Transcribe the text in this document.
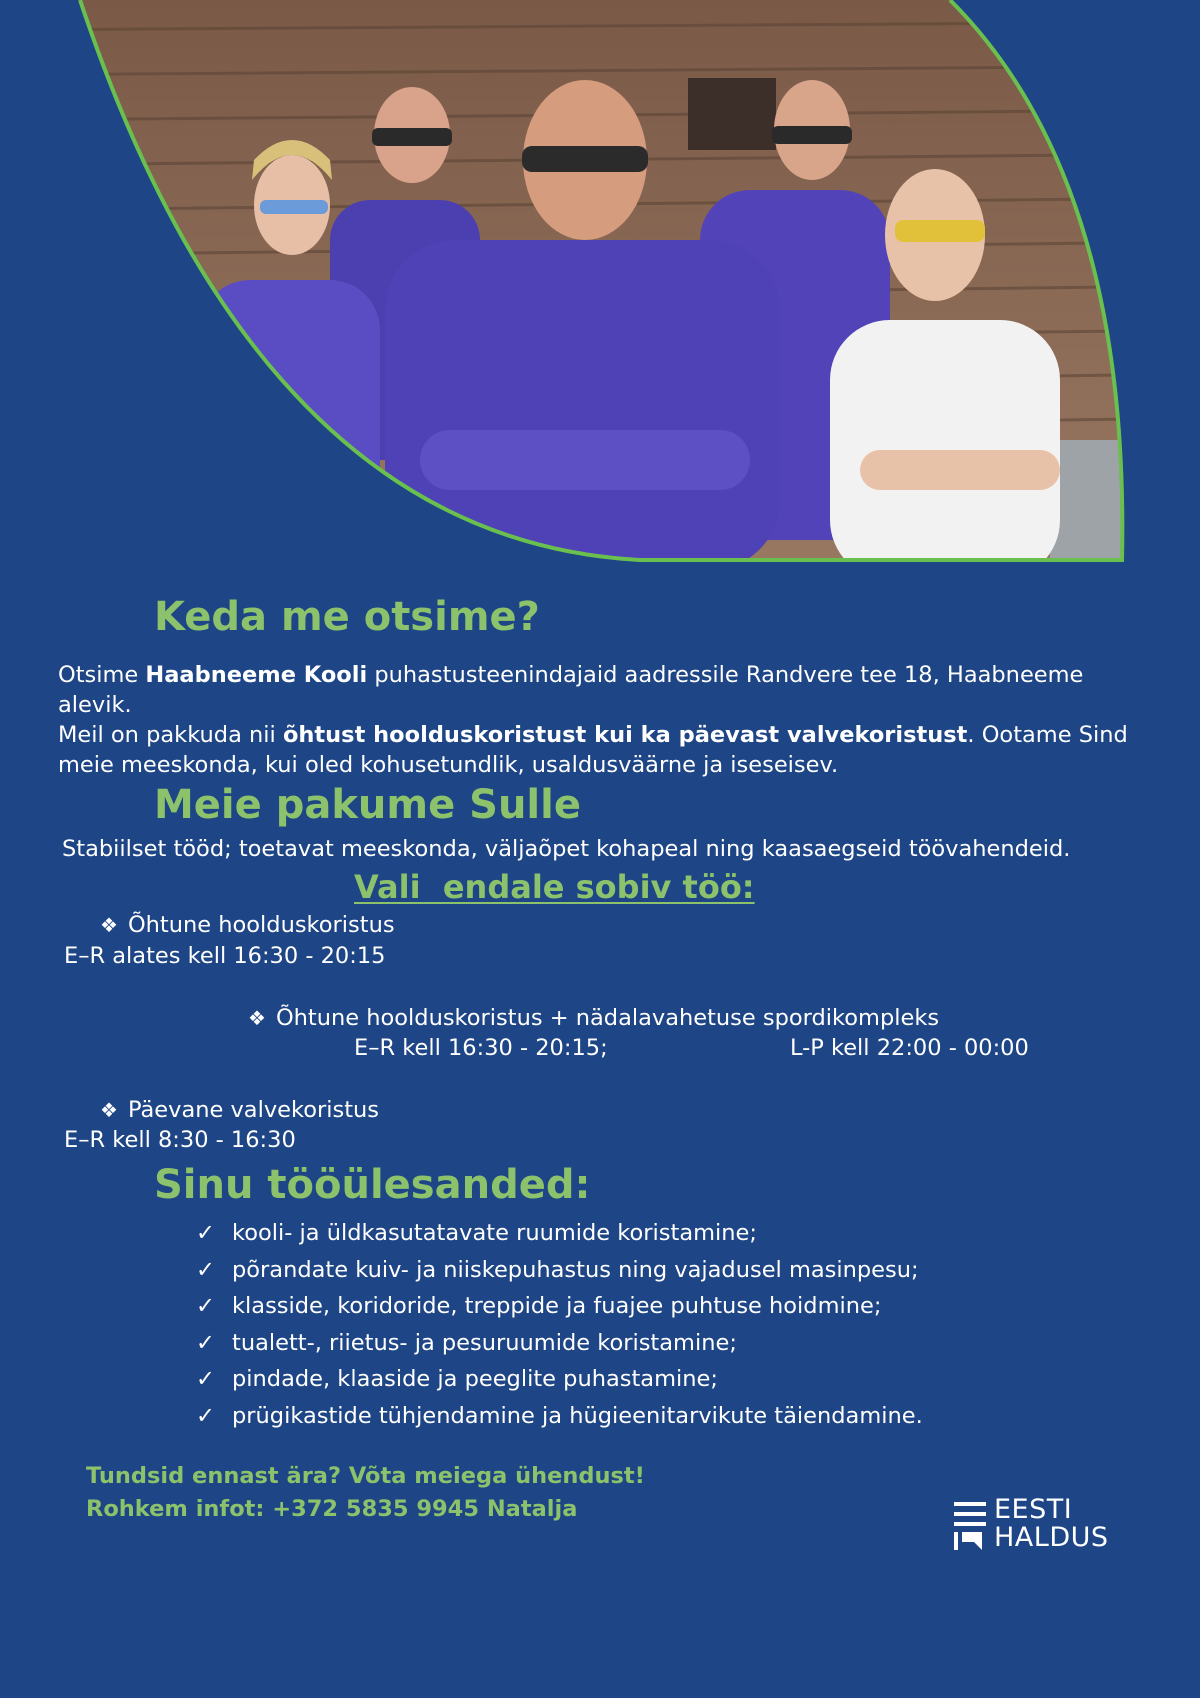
Keda me otsime?
Otsime Haabneeme Kooli puhastusteenindajaid aadressile Randvere tee 18, Haabneeme alevik.
Meil on pakkuda nii õhtust hoolduskoristust kui ka päevast valvekoristust. Ootame Sind meie meeskonda, kui oled kohusetundlik, usaldusväärne ja iseseisev.
Meie pakume Sulle
Stabiilset tööd; toetavat meeskonda, väljaõpet kohapeal ning kaasaegseid töövahendeid.
Vali  endale sobiv töö:
❖ Õhtune hoolduskoristus
E–R alates kell 16:30 - 20:15
❖ Õhtune hoolduskoristus + nädalavahetuse spordikompleks
E–R kell 16:30 - 20:15;	L-P kell 22:00 - 00:00
❖ Päevane valvekoristus
E–R kell 8:30 - 16:30
Sinu tööülesanded:
✓ kooli- ja üldkasutatavate ruumide koristamine;
✓ põrandate kuiv- ja niiskepuhastus ning vajadusel masinpesu;
✓ klasside, koridoride, treppide ja fuajee puhtuse hoidmine;
✓ tualett-, riietus- ja pesuruumide koristamine;
✓ pindade, klaaside ja peeglite puhastamine;
✓ prügikastide tühjendamine ja hügieenitarvikute täiendamine.
Tundsid ennast ära? Võta meiega ühendust!
Rohkem infot: +372 5835 9945 Natalja	EESTI
HALDUS
